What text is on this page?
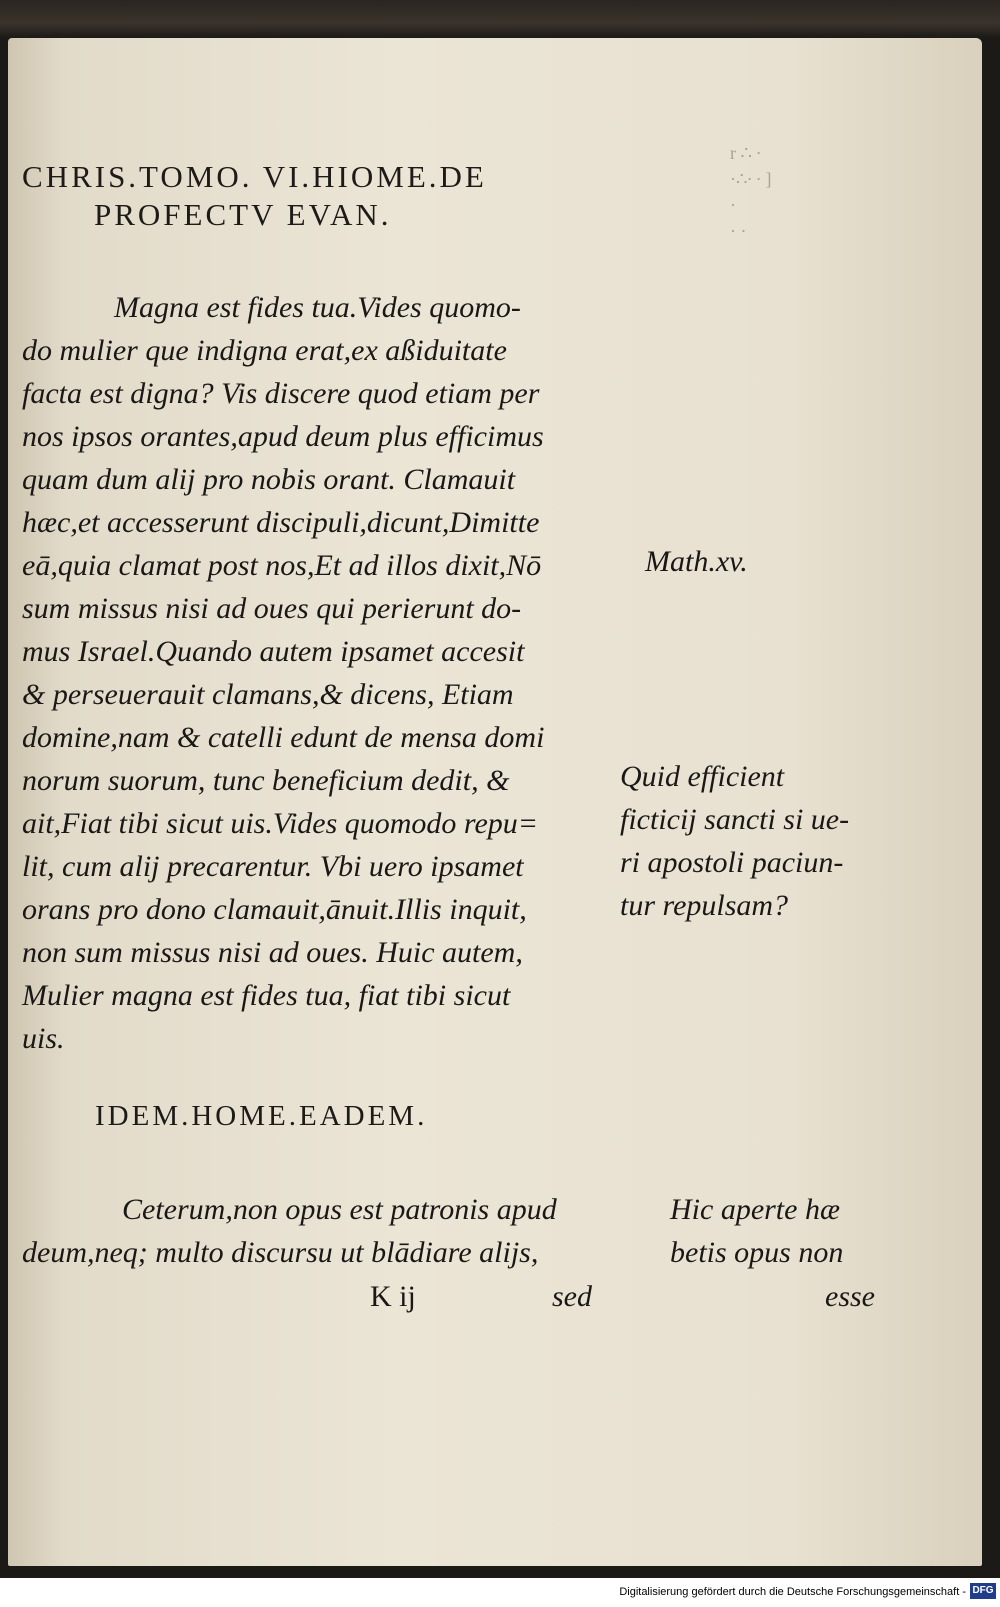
r ∴ ∙
·∴∙ ∙ ]
·
· ·
CHRIS.TOMO. VI.HIOME.DE
PROFECTV EVAN.
Magna est fides tua.Vides quomo-
do mulier que indigna erat,ex aßiduitate
facta est digna? Vis discere quod etiam per
nos ipsos orantes,apud deum plus efficimus
quam dum alij pro nobis orant. Clamauit
hæc,et accesserunt discipuli,dicunt,Dimitte
eā,quia clamat post nos,Et ad illos dixit,Nō
sum missus nisi ad oues qui perierunt do-
mus Israel.Quando autem ipsamet accesit
& perseuerauit clamans,& dicens, Etiam
domine,nam & catelli edunt de mensa domi
norum suorum, tunc beneficium dedit, &
ait,Fiat tibi sicut uis.Vides quomodo repu=
lit, cum alij precarentur. Vbi uero ipsamet
orans pro dono clamauit,ānuit.Illis inquit,
non sum missus nisi ad oues. Huic autem,
Mulier magna est fides tua, fiat tibi sicut
uis.
Math.xv.
Quid efficient
ficticij sancti si ue-
ri apostoli paciun-
tur repulsam?
IDEM.HOME.EADEM.
Ceterum,non opus est patronis apud
deum,neq; multo discursu ut blādiare alijs,
Hic aperte hæ
betis opus non
K ij	sed	esse
Digitalisierung gefördert durch die Deutsche Forschungsgemeinschaft - DFG
